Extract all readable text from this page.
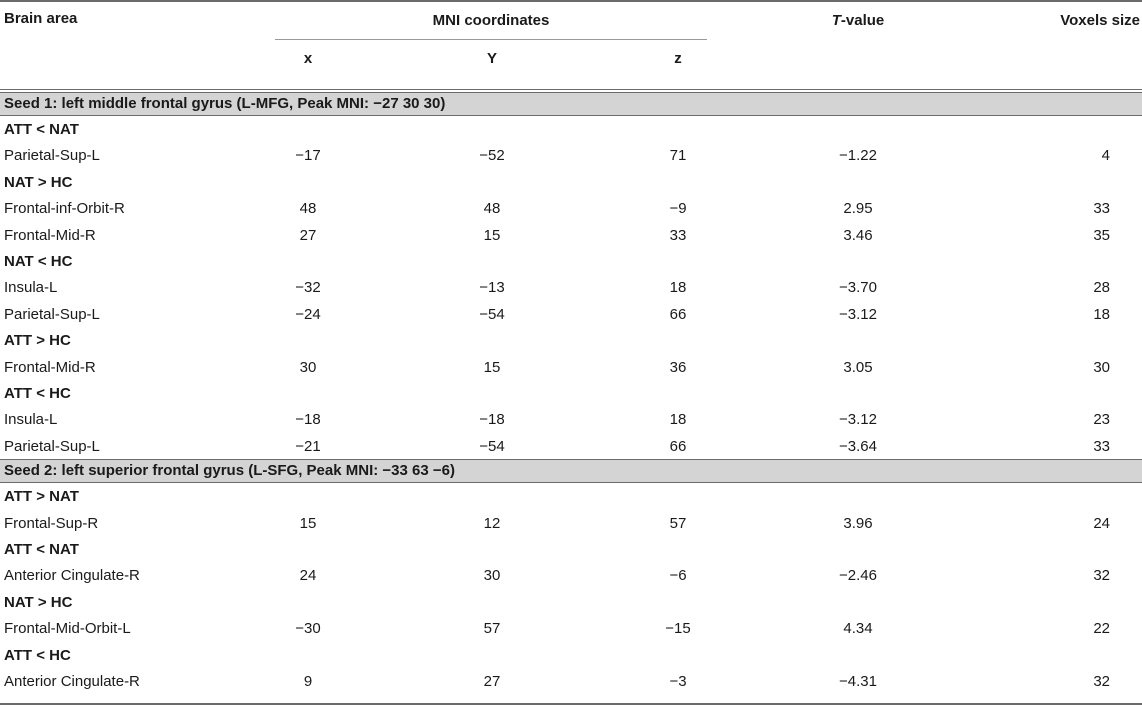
Brain area	MNI coordinates
x	Y	z
T-value	Voxels size
Seed 1: left middle frontal gyrus (L-MFG, Peak MNI: −27 30 30)
ATT < NAT
Parietal-Sup-L	−17	−52	71	−1.22	4
NAT > HC
Frontal-inf-Orbit-R	48	48	−9	2.95	33
Frontal-Mid-R	27	15	33	3.46	35
NAT < HC
Insula-L	−32	−13	18	−3.70	28
Parietal-Sup-L	−24	−54	66	−3.12	18
ATT > HC
Frontal-Mid-R	30	15	36	3.05	30
ATT < HC
Insula-L	−18	−18	18	−3.12	23
Parietal-Sup-L	−21	−54	66	−3.64	33
Seed 2: left superior frontal gyrus (L-SFG, Peak MNI: −33 63 −6)
ATT > NAT
Frontal-Sup-R	15	12	57	3.96	24
ATT < NAT
Anterior Cingulate-R	24	30	−6	−2.46	32
NAT > HC
Frontal-Mid-Orbit-L	−30	57	−15	4.34	22
ATT < HC
Anterior Cingulate-R	9	27	−3	−4.31	32
